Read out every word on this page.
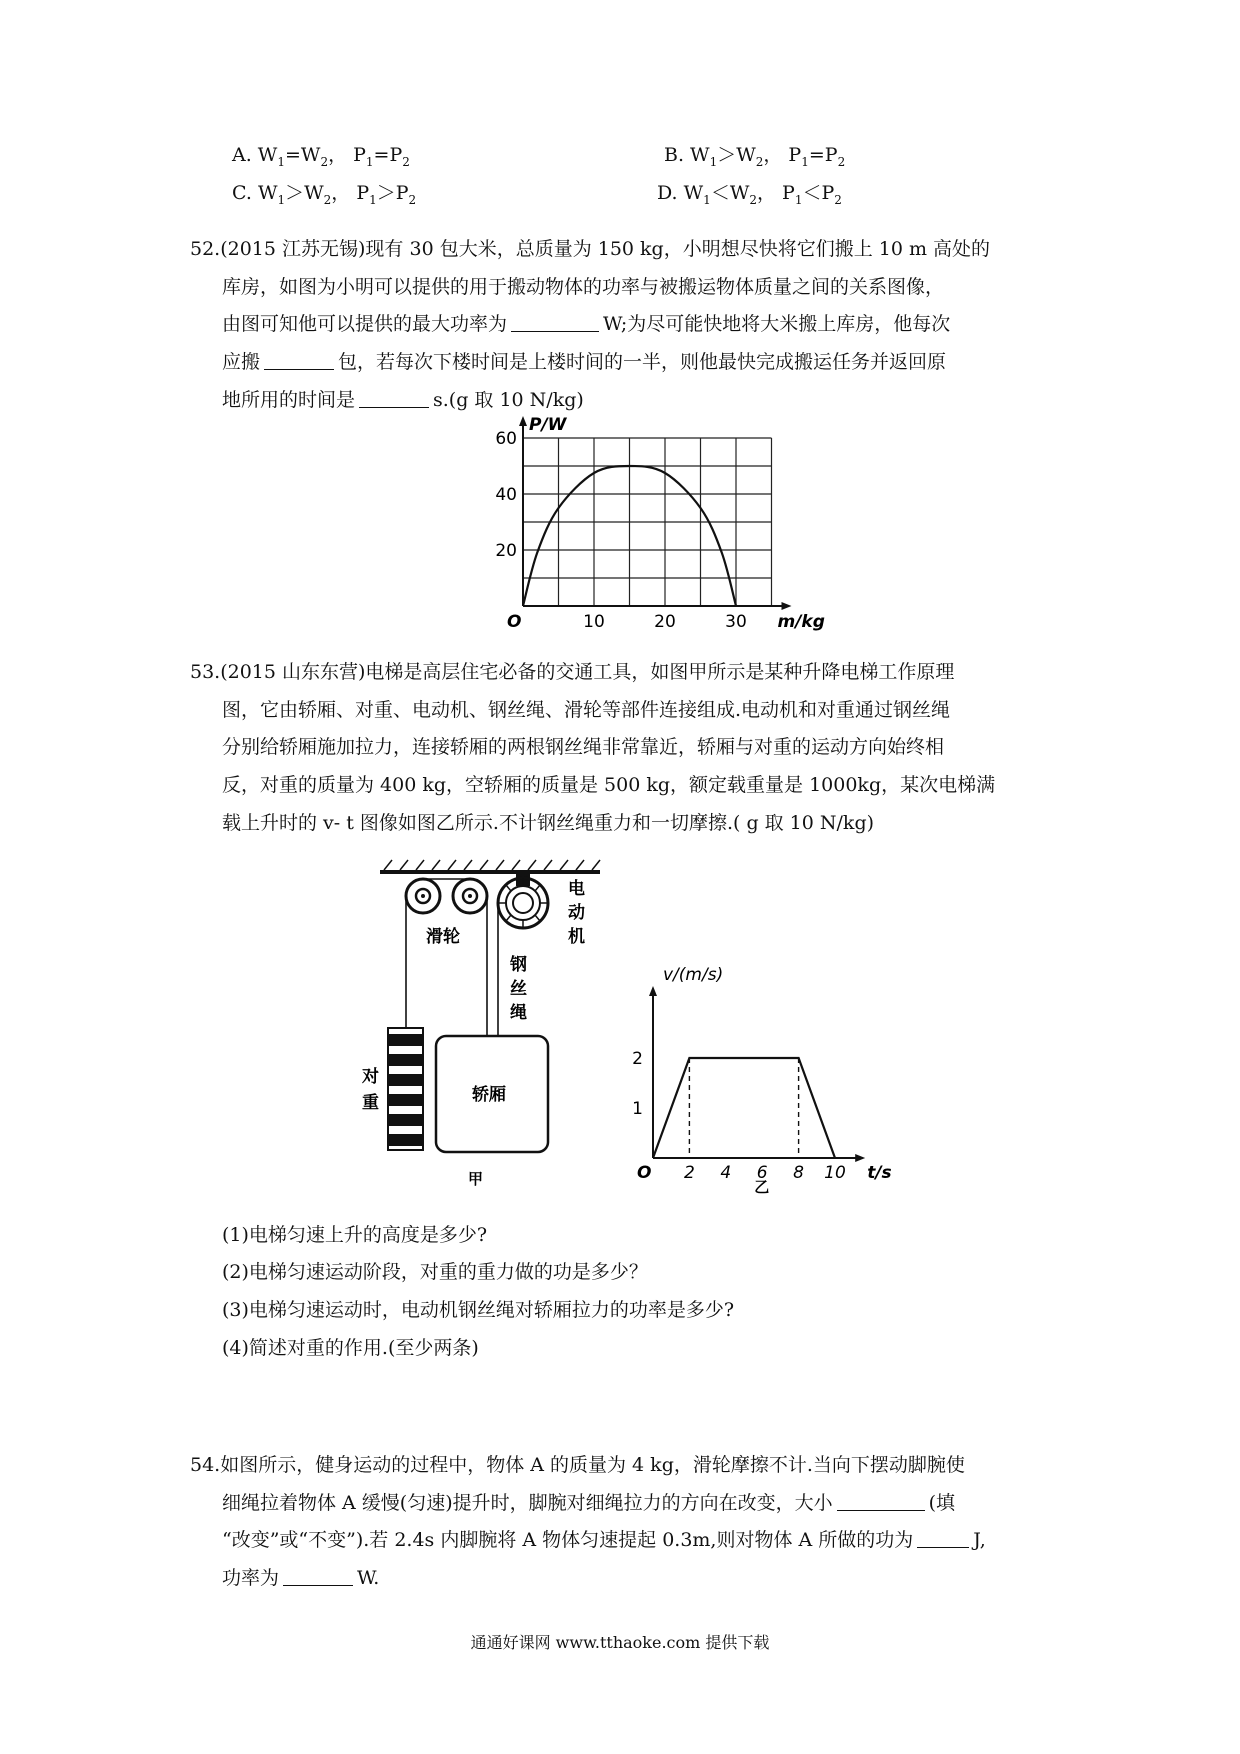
A. $W_1=W_2$， $P_1=P_2$	B. $W_1>W_2$， $P_1=P_2$
C. $W_1>W_2$， $P_1>P_2$	D. $W_1<W_2$， $P_1<P_2$
52.(2015 江苏无锡)现有 30 包大米，总质量为 150 kg，小明想尽快将它们搬上 10 m 高处的
库房，如图为小明可以提供的用于搬动物体的功率与被搬运物体质量之间的关系图像，
由图可知他可以提供的最大功率为	W;为尽可能快地将大米搬上库房，他每次
应搬	包，若每次下楼时间是上楼时间的一半，则他最快完成搬运任务并返回原
地所用的时间是	s.(g 取 10 N/kg)
20
40
60
10	20	30
O	m/kg
P/W
53.(2015 山东东营)电梯是高层住宅必备的交通工具，如图甲所示是某种升降电梯工作原理
图，它由轿厢、对重、电动机、钢丝绳、滑轮等部件连接组成.电动机和对重通过钢丝绳
分别给轿厢施加拉力，连接轿厢的两根钢丝绳非常靠近，轿厢与对重的运动方向始终相
反，对重的质量为 400 kg，空轿厢的质量是 500 kg，额定载重量是 1000kg，某次电梯满
载上升时的 v- t 图像如图乙所示.不计钢丝绳重力和一切摩擦.( g 取 10 N/kg)
滑轮
电
动
机
钢
丝
绳
对
重	轿厢
甲
1
2
2 4 6 8 10
O	t/s
v/(m/s)
乙
(1)电梯匀速上升的高度是多少?
(2)电梯匀速运动阶段，对重的重力做的功是多少？
(3)电梯匀速运动时，电动机钢丝绳对轿厢拉力的功率是多少?
(4)简述对重的作用.(至少两条)
54.如图所示，健身运动的过程中，物体 A 的质量为 4 kg，滑轮摩擦不计.当向下摆动脚腕使
细绳拉着物体 A 缓慢(匀速)提升时，脚腕对细绳拉力的方向在改变，大小	(填
“改变”或“不变”).若 2.4s 内脚腕将 A 物体匀速提起 0.3m,则对物体 A 所做的功为	J,
功率为	W.
通通好课网 www.tthaoke.com 提供下载
